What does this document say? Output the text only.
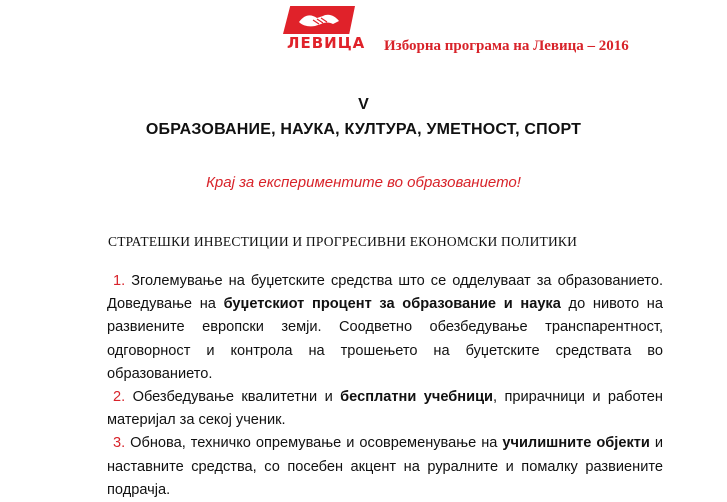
ЛЕВИЦА Изборна програма на Левица – 2016
V
ОБРАЗОВАНИЕ, НАУКА, КУЛТУРА, УМЕТНОСТ, СПОРТ
Крај за експериментите во образованието!
СТРАТЕШКИ ИНВЕСТИЦИИ И ПРОГРЕСИВНИ ЕКОНОМСКИ ПОЛИТИКИ

1. Зголемување на буџетските средства што се одделуваат за образованието. Доведување на буџетскиот процент за образование и наука до нивото на развиените европски земји. Соодветно обезбедување транспарентност, одговорност и контрола на трошењето на буџетските средствата во образованието.

2. Обезбедување квалитетни и бесплатни учебници, прирачници и работен материјал за секој ученик.

3. Обнова, техничко опремување и осовременување на училишните објекти и наставните средства, со посебен акцент на руралните и помалку развиените подрачја.
